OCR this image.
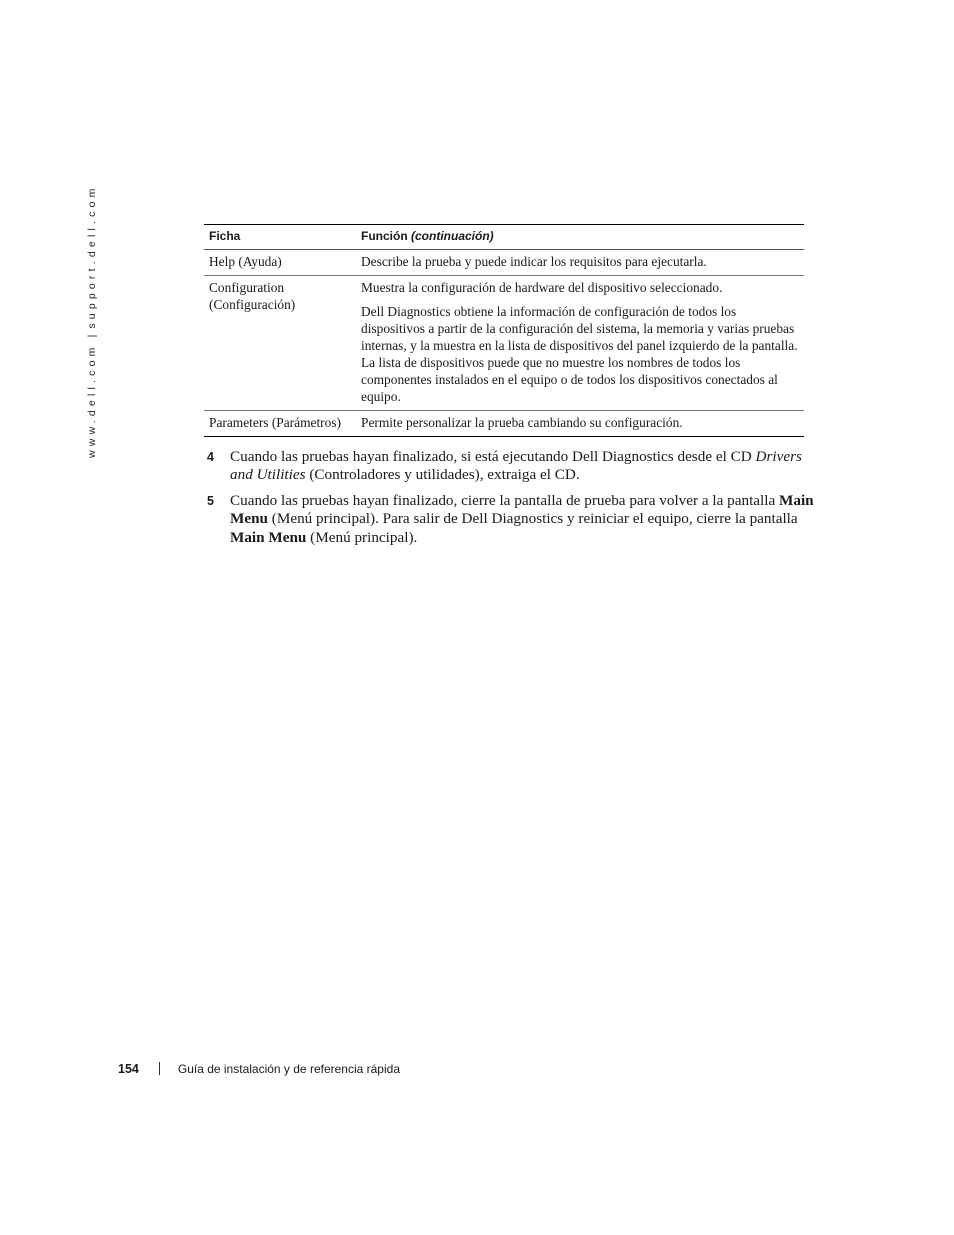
www.dell.com|support.dell.com	Ficha	Función (continuación)
Help (Ayuda)	Describe la prueba y puede indicar los requisitos para ejecutarla.

Configuration (Configuración)	Muestra la configuración de hardware del dispositivo seleccionado.

Dell Diagnostics obtiene la información de configuración de todos los dispositivos a partir de la configuración del sistema, la memoria y varias pruebas internas, y la muestra en la lista de dispositivos del panel izquierdo de la pantalla. La lista de dispositivos puede que no muestre los nombres de todos los componentes instalados en el equipo o de todos los dispositivos conectados al equipo.

Parameters (Parámetros)	Permite personalizar la prueba cambiando su configuración.

4 Cuando las pruebas hayan finalizado, si está ejecutando Dell Diagnostics desde el CD Drivers and Utilities (Controladores y utilidades), extraiga el CD.
5 Cuando las pruebas hayan finalizado, cierre la pantalla de prueba para volver a la pantalla Main Menu (Menú principal). Para salir de Dell Diagnostics y reiniciar el equipo, cierre la pantalla Main Menu (Menú principal).
154	Guía de instalación y de referencia rápida
